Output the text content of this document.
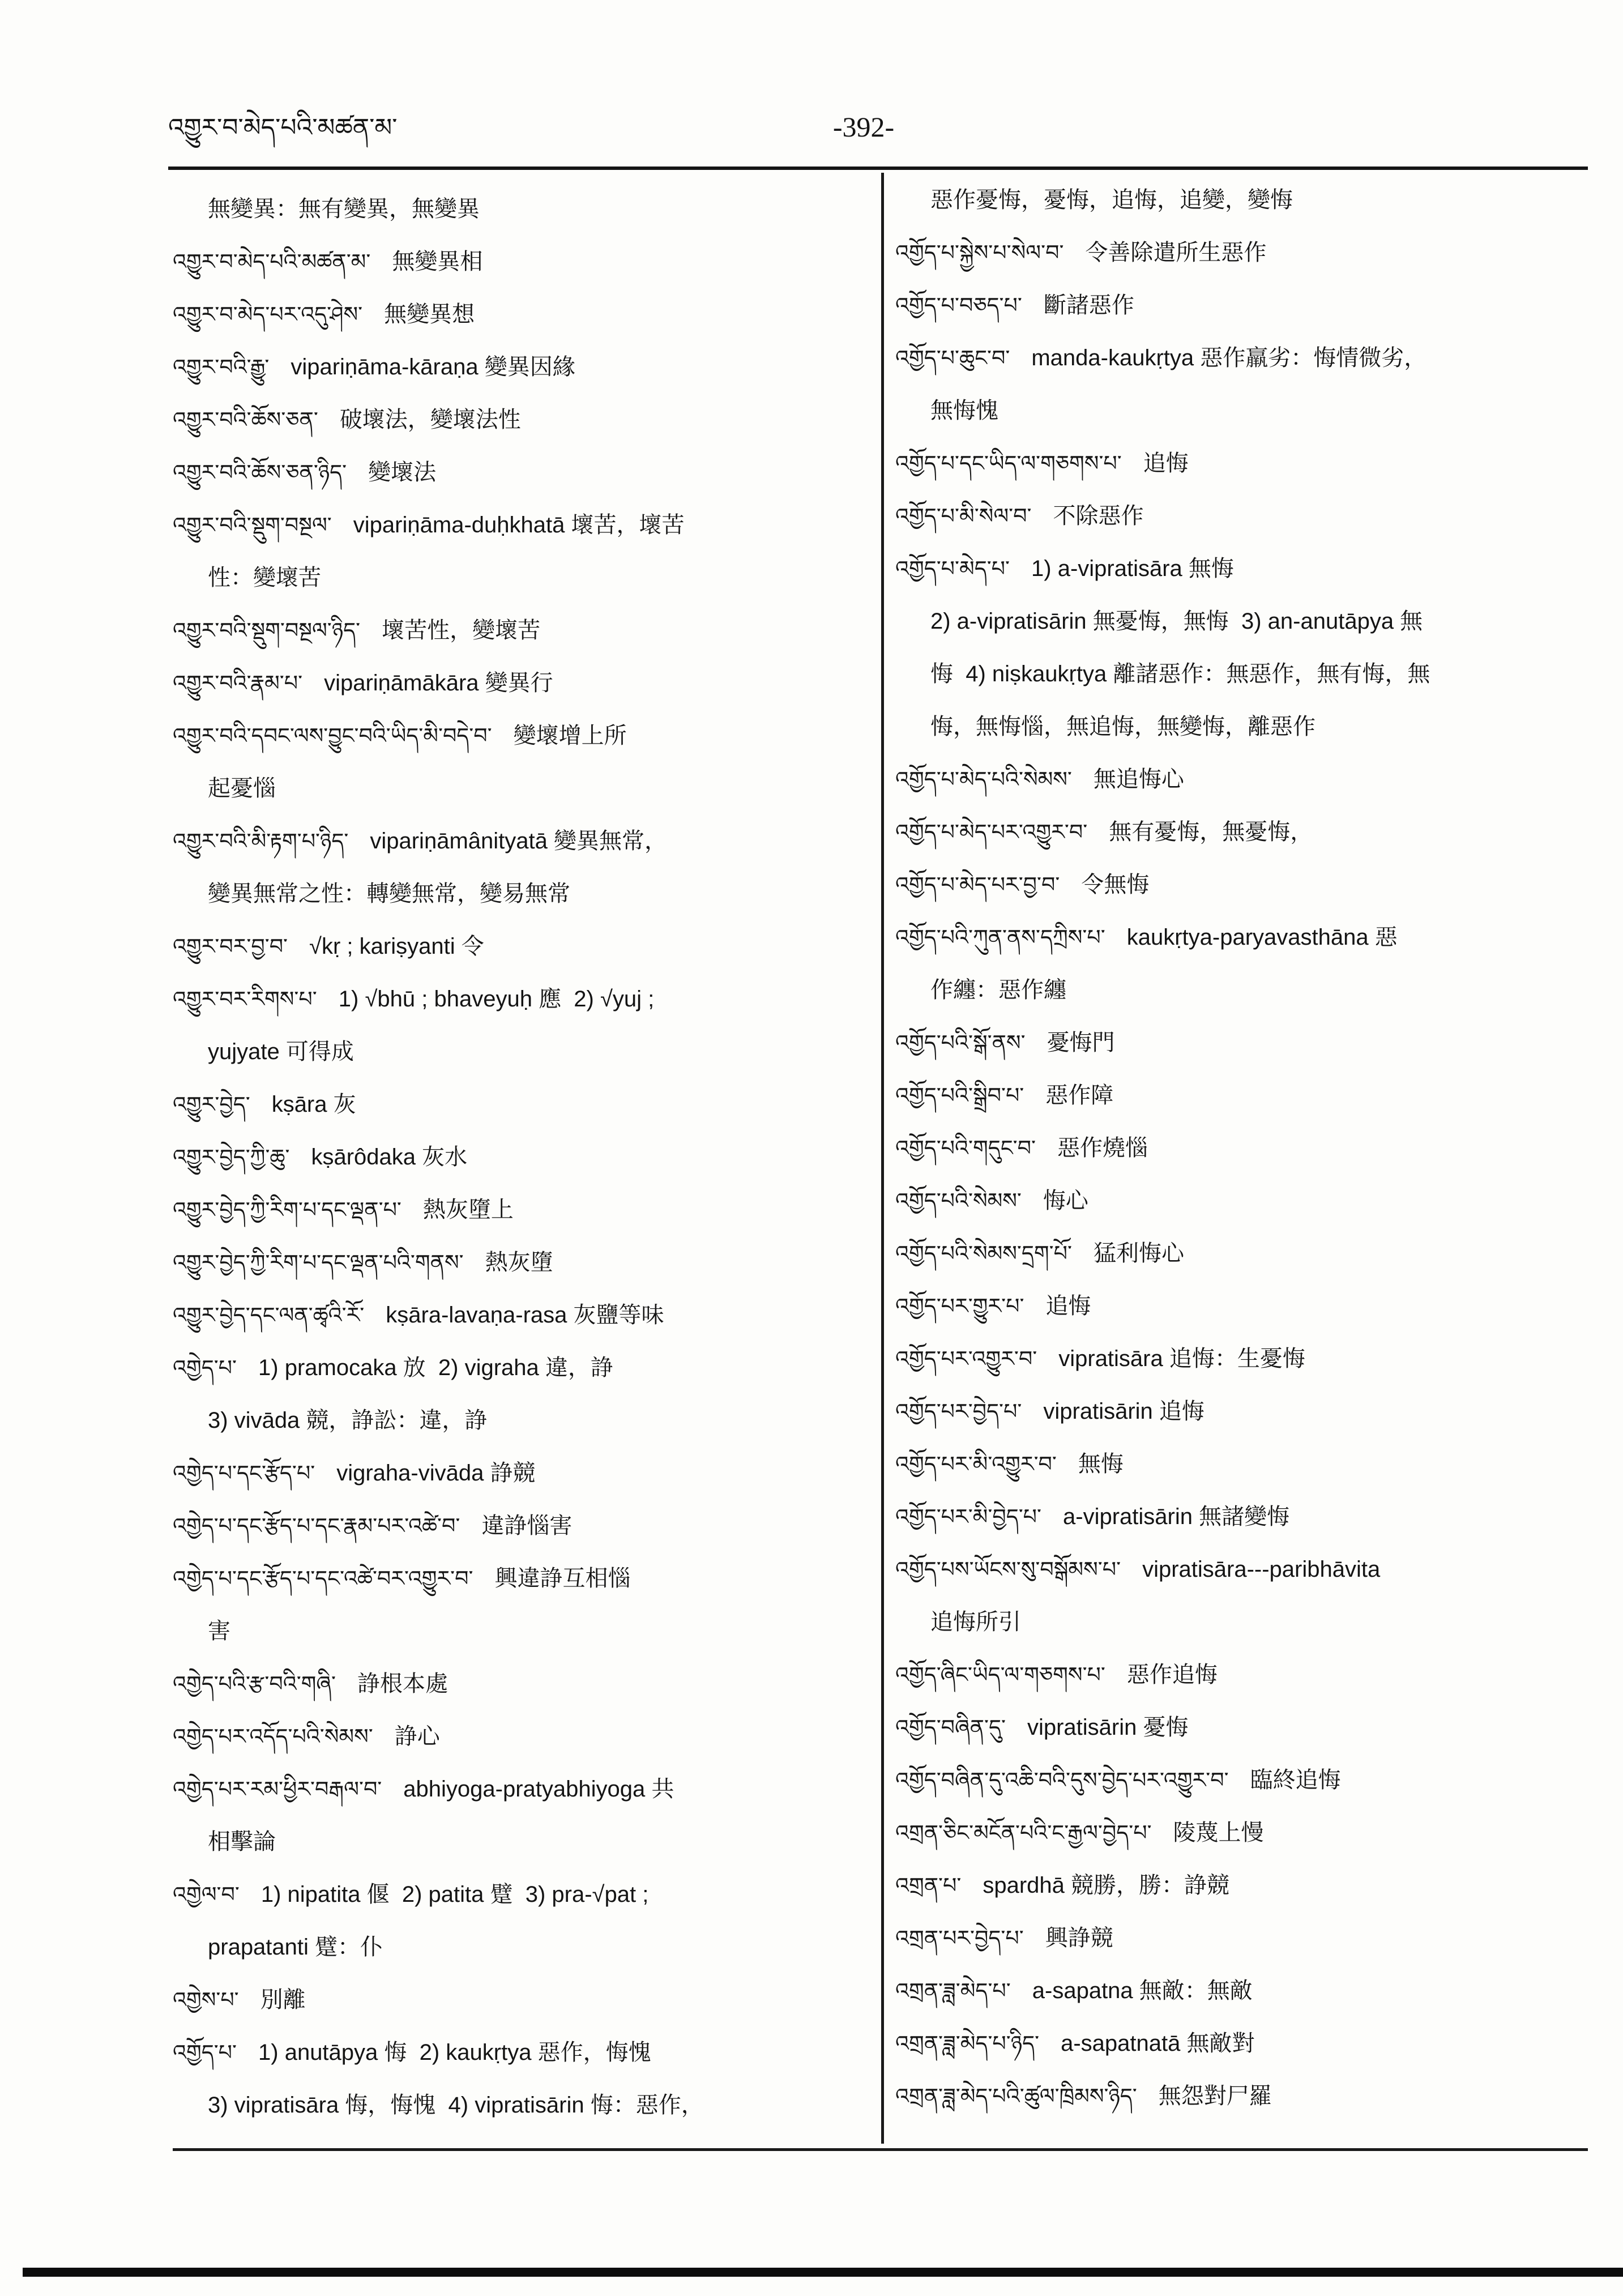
འགྱུར་བ་མེད་པའི་མཚན་མ་	-392-
無變異：無有變異，無變異
འགྱུར་བ་མེད་པའི་མཚན་མ་ 無變異相
འགྱུར་བ་མེད་པར་འདུ་ཤེས་ 無變異想
འགྱུར་བའི་རྒྱུ་ vipariṇāma-kāraṇa 變異因緣
འགྱུར་བའི་ཆོས་ཅན་ 破壞法，變壞法性
འགྱུར་བའི་ཆོས་ཅན་ཉིད་ 變壞法
འགྱུར་བའི་སྡུག་བསྔལ་ vipariṇāma-duḥkhatā 壞苦，壞苦
性：變壞苦
འགྱུར་བའི་སྡུག་བསྔལ་ཉིད་ 壞苦性，變壞苦
འགྱུར་བའི་རྣམ་པ་ vipariṇāmākāra 變異行
འགྱུར་བའི་དབང་ལས་བྱུང་བའི་ཡིད་མི་བདེ་བ་ 變壞增上所
起憂惱
འགྱུར་བའི་མི་རྟག་པ་ཉིད་ vipariṇāmânityatā 變異無常，
變異無常之性：轉變無常，變易無常
འགྱུར་བར་བྱ་བ་ √kṛ ; kariṣyanti 令
འགྱུར་བར་རིགས་པ་ 1) √bhū ; bhaveyuḥ 應  2) √yuj ;
yujyate 可得成
འགྱུར་བྱེད་ kṣāra 灰
འགྱུར་བྱེད་ཀྱི་ཆུ་ kṣārôdaka 灰水
འགྱུར་བྱེད་ཀྱི་རིག་པ་དང་ལྡན་པ་ 熱灰墮上
འགྱུར་བྱེད་ཀྱི་རིག་པ་དང་ལྡན་པའི་གནས་ 熱灰墮
འགྱུར་བྱེད་དང་ལན་ཚྭའི་རོ་ kṣāra-lavaṇa-rasa 灰鹽等味
འགྱེད་པ་ 1) pramocaka 放  2) vigraha 違，諍
3) vivāda 競，諍訟：違，諍
འགྱེད་པ་དང་རྩོད་པ་ vigraha-vivāda 諍競
འགྱེད་པ་དང་རྩོད་པ་དང་རྣམ་པར་འཚེ་བ་ 違諍惱害
འགྱེད་པ་དང་རྩོད་པ་དང་འཚེ་བར་འགྱུར་བ་ 興違諍互相惱
害
འགྱེད་པའི་རྩ་བའི་གཞི་ 諍根本處
འགྱེད་པར་འདོད་པའི་སེམས་ 諍心
འགྱེད་པར་རམ་ཕྱིར་བརྒལ་བ་ abhiyoga-pratyabhiyoga 共
相擊論
འགྱེལ་བ་ 1) nipatita 偃  2) patita 躄  3) pra-√pat ;
prapatanti 躄：仆
འགྱེས་པ་ 別離
འགྱོད་པ་ 1) anutāpya 悔  2) kaukṛtya 惡作，悔愧
3) vipratisāra 悔，悔愧  4) vipratisārin 悔：惡作，
惡作憂悔，憂悔，追悔，追變，變悔
འགྱོད་པ་སྐྱེས་པ་སེལ་བ་ 令善除遣所生惡作
འགྱོད་པ་བཅད་པ་ 斷諸惡作
འགྱོད་པ་ཆུང་བ་ manda-kaukṛtya 惡作羸劣：悔情微劣，
無悔愧
འགྱོད་པ་དང་ཡིད་ལ་གཅགས་པ་ 追悔
འགྱོད་པ་མི་སེལ་བ་ 不除惡作
འགྱོད་པ་མེད་པ་ 1) a-vipratisāra 無悔
2) a-vipratisārin 無憂悔，無悔  3) an-anutāpya 無
悔  4) niṣkaukṛtya 離諸惡作：無惡作，無有悔，無
悔，無悔惱，無追悔，無變悔，離惡作
འགྱོད་པ་མེད་པའི་སེམས་ 無追悔心
འགྱོད་པ་མེད་པར་འགྱུར་བ་ 無有憂悔，無憂悔，
འགྱོད་པ་མེད་པར་བྱ་བ་ 令無悔
འགྱོད་པའི་ཀུན་ནས་དཀྲིས་པ་ kaukṛtya-paryavasthāna 惡
作纏：惡作纏
འགྱོད་པའི་སྒོ་ནས་ 憂悔門
འགྱོད་པའི་སྒྲིབ་པ་ 惡作障
འགྱོད་པའི་གདུང་བ་ 惡作燒惱
འགྱོད་པའི་སེམས་ 悔心
འགྱོད་པའི་སེམས་དྲག་པོ་ 猛利悔心
འགྱོད་པར་གྱུར་པ་ 追悔
འགྱོད་པར་འགྱུར་བ་ vipratisāra 追悔：生憂悔
འགྱོད་པར་བྱེད་པ་ vipratisārin 追悔
འགྱོད་པར་མི་འགྱུར་བ་ 無悔
འགྱོད་པར་མི་བྱེད་པ་ a-vipratisārin 無諸變悔
འགྱོད་པས་ཡོངས་སུ་བསྒོམས་པ་ vipratisāra---paribhāvita
追悔所引
འགྱོད་ཞིང་ཡིད་ལ་གཅགས་པ་ 惡作追悔
འགྱོད་བཞིན་དུ་ vipratisārin 憂悔
འགྱོད་བཞིན་དུ་འཆི་བའི་དུས་བྱེད་པར་འགྱུར་བ་ 臨終追悔
འགྲན་ཅིང་མངོན་པའི་ང་རྒྱལ་བྱེད་པ་ 陵蔑上慢
འགྲན་པ་ spardhā 競勝，勝：諍競
འགྲན་པར་བྱེད་པ་ 興諍競
འགྲན་ཟླ་མེད་པ་ a-sapatna 無敵：無敵
འགྲན་ཟླ་མེད་པ་ཉིད་ a-sapatnatā 無敵對
འགྲན་ཟླ་མེད་པའི་ཚུལ་ཁྲིམས་ཉིད་ 無怨對尸羅
